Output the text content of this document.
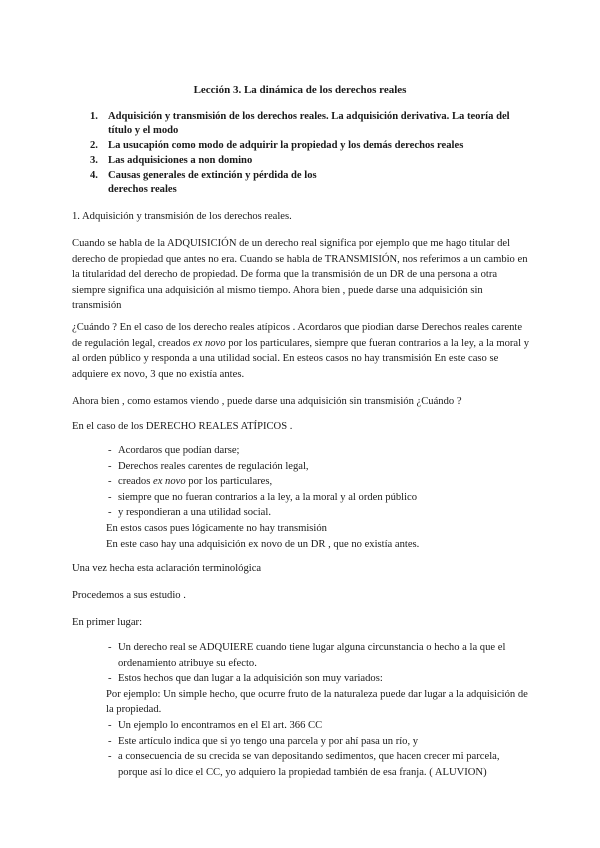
Lección 3. La dinámica de los derechos reales
1. Adquisición y transmisión de los derechos reales. La adquisición derivativa. La teoría del título y el modo
2. La usucapión como modo de adquirir la propiedad y los demás derechos reales
3. Las adquisiciones a non domino
4. Causas generales de extinción y pérdida de los derechos reales

1. Adquisición y transmisión de los derechos reales.

Cuando se habla de la ADQUISICIÓN de un derecho real significa por ejemplo que me hago titular del derecho de propiedad que antes no era. Cuando se habla de TRANSMISIÓN, nos referimos a un cambio en la titularidad del derecho de propiedad. De forma que la transmisión de un DR de una persona a otra siempre significa una adquisición al mismo tiempo. Ahora bien , puede darse una adquisición sin transmisión

¿Cuándo ? En el caso de los derecho reales atípicos . Acordaros que piodian darse Derechos reales carente de regulación legal, creados ex novo por los particulares, siempre que fueran contrarios a la ley, a la moral y al orden público y responda a una utilidad social. En esteos casos no hay transmisión En este caso se adquiere ex novo, 3 que no existía antes.

Ahora bien , como estamos viendo , puede darse una adquisición sin transmisión ¿Cuándo ?

En el caso de los DERECHO REALES ATÍPICOS .

- Acordaros que podían darse;
- Derechos reales carentes de regulación legal,
- creados ex novo por los particulares,
- siempre que no fueran contrarios a la ley, a la moral y al orden público
- y respondieran a una utilidad social.
En estos casos pues lógicamente no hay transmisión
En este caso hay una adquisición ex novo de un DR , que no existía antes.

Una vez hecha esta aclaración terminológica

Procedemos a sus estudio .

En primer lugar:

- Un derecho real se ADQUIERE cuando tiene lugar alguna circunstancia o hecho a la que el ordenamiento atribuye su efecto.
- Estos hechos que dan lugar a la adquisición son muy variados:
Por ejemplo: Un simple hecho, que ocurre fruto de la naturaleza puede dar lugar a la adquisición de la propiedad.
- Un ejemplo lo encontramos en el El art. 366 CC
- Este artículo indica que si yo tengo una parcela y por ahí pasa un río, y
- a consecuencia de su crecida se van depositando sedimentos, que hacen crecer mi parcela, porque así lo dice el CC, yo adquiero la propiedad también de esa franja. ( ALUVION)
